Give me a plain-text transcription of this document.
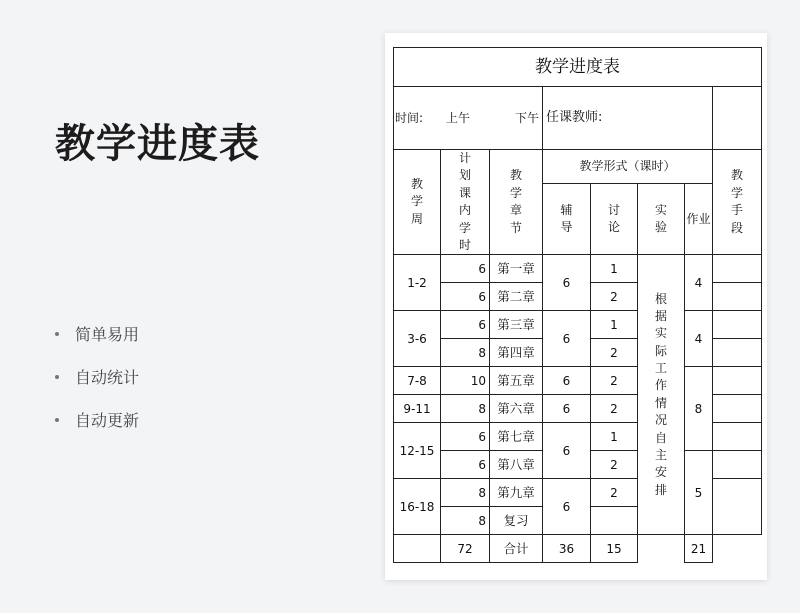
教学进度表
简单易用
自动统计
自动更新
教学进度表							

时间: 上午 下午			任课教师:				

教学周	计划课内学时	教学章节	教学形式（课时）				教学手段

			辅导	讨论	实验	作业	

1-2	6	第一章	6	1	根据实际工作情况自主安排	4	
	6	第二章		2			
3-6	6	第三章	6	1		4	
	8	第四章		2			
7-8	10	第五章	6	2		8	
9-11	8	第六章	6	2			
12-15	6	第七章	6	1			
	6	第八章		2		5	
16-18	8	第九章	6	2			
	8	复习					
	72	合计	36	15		21	
